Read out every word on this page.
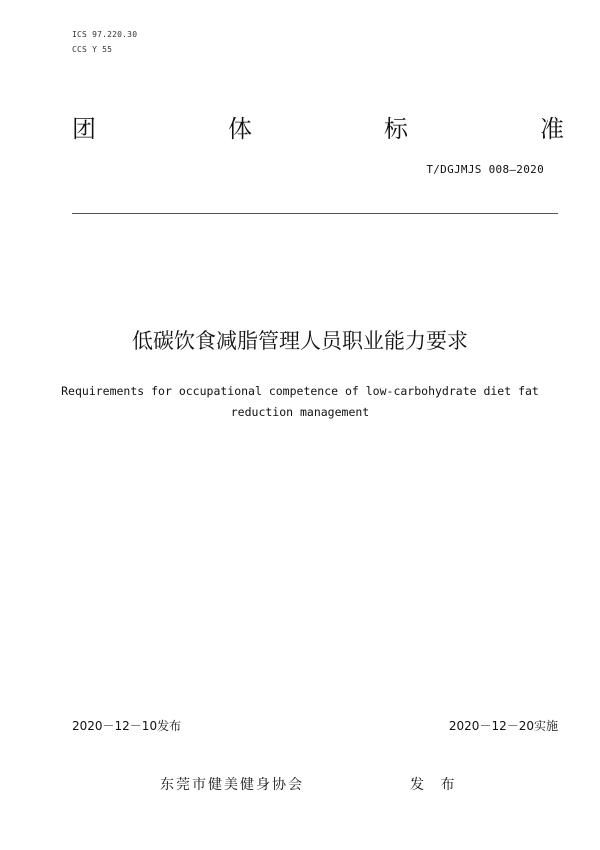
ICS 97.220.30
CCS Y 55
团	体	标	准
T/DGJMJS 008—2020
低碳饮食减脂管理人员职业能力要求
Requirements for occupational competence of low-carbohydrate diet fat
reduction management
2020－12－10发布	2020－12－20实施
东莞市健美健身协会	发 布
